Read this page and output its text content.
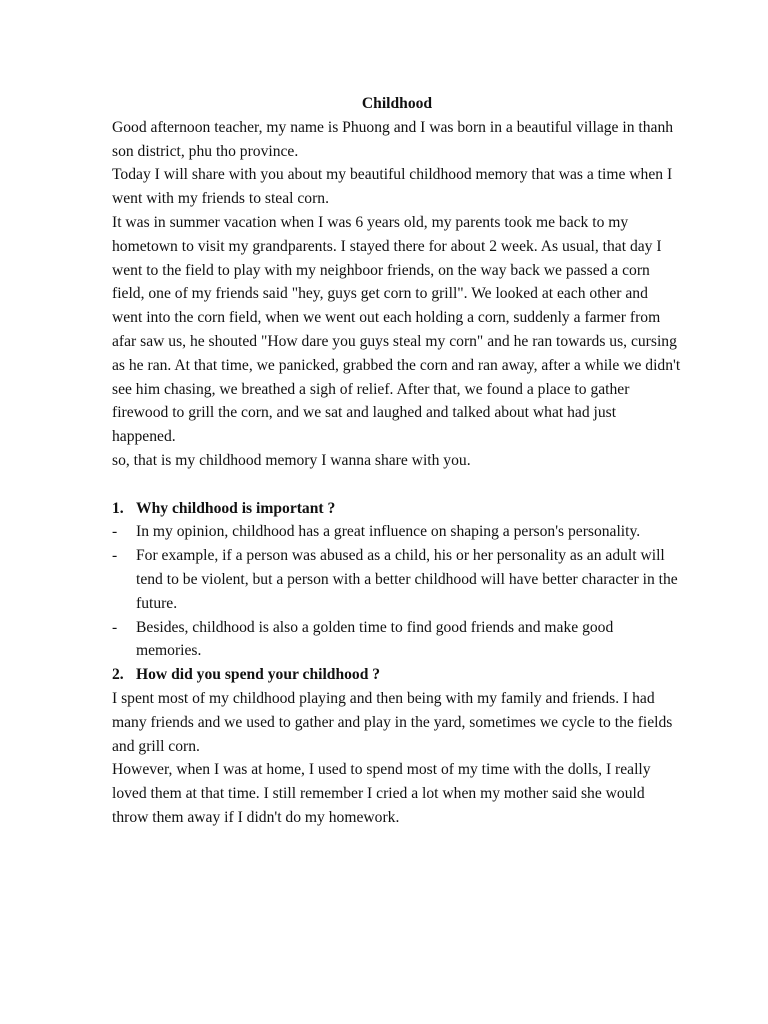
Childhood

Good afternoon teacher, my name is Phuong and I was born in a beautiful village in thanh son district, phu tho province.

Today I will share with you about my beautiful childhood memory that was a time when I went with my friends to steal corn.

It was in summer vacation when I was 6 years old, my parents took me back to my hometown to visit my grandparents. I stayed there for about 2 week. As usual, that day I went to the field to play with my neighboor friends, on the way back we passed a corn field, one of my friends said "hey, guys get corn to grill". We looked at each other and went into the corn field, when we went out each holding a corn, suddenly a farmer from afar saw us, he shouted "How dare you guys steal my corn" and he ran towards us, cursing as he ran. At that time, we panicked, grabbed the corn and ran away, after a while we didn't see him chasing, we breathed a sigh of relief. After that, we found a place to gather firewood to grill the corn, and we sat and laughed and talked about what had just happened.

so, that is my childhood memory I wanna share with you.

1. Why childhood is important ?
-	In my opinion, childhood has a great influence on shaping a person's personality.
-	For example, if a person was abused as a child, his or her personality as an adult will tend to be violent, but a person with a better childhood will have better character in the future.
-	Besides, childhood is also a golden time to find good friends and make good memories.
2. How did you spend your childhood ?

I spent most of my childhood playing and then being with my family and friends. I had many friends and we used to gather and play in the yard, sometimes we cycle to the fields and grill corn.

However, when I was at home, I used to spend most of my time with the dolls, I really loved them at that time. I still remember I cried a lot when my mother said she would throw them away if I didn't do my homework.
